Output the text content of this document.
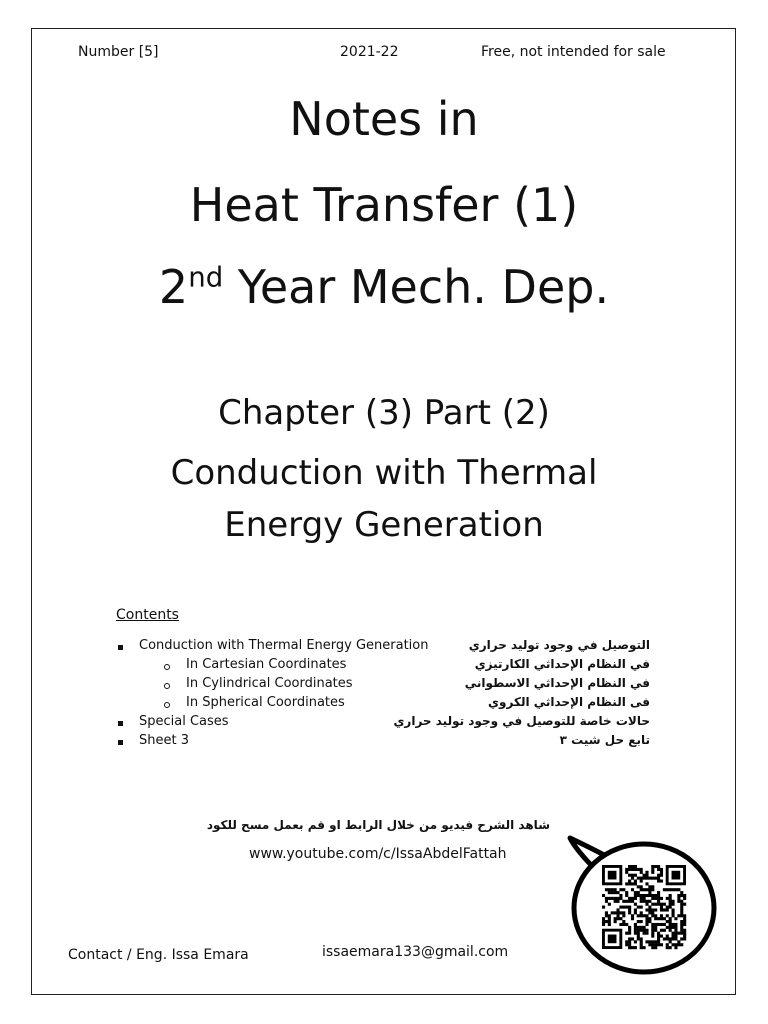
Number [5]	2021-22	Free, not intended for sale
Notes in
Heat Transfer (1)
2nd Year Mech. Dep.
Chapter (3) Part (2)
Conduction with Thermal
Energy Generation
Contents
Conduction with Thermal Energy Generation	التوصيل في وجود توليد حراري
In Cartesian Coordinates	في النظام الإحداثي الكارتيزي
In Cylindrical Coordinates	في النظام الإحداثي الاسطواني
In Spherical Coordinates	فى النظام الإحداثي الكروي
Special Cases	حالات خاصة للتوصيل في وجود توليد حراري
Sheet 3	تابع حل شيت ٣
شاهد الشرح فيديو من خلال الرابط او قم بعمل مسح للكود
www.youtube.com/c/IssaAbdelFattah
Contact / Eng. Issa Emara	issaemara133@gmail.com
